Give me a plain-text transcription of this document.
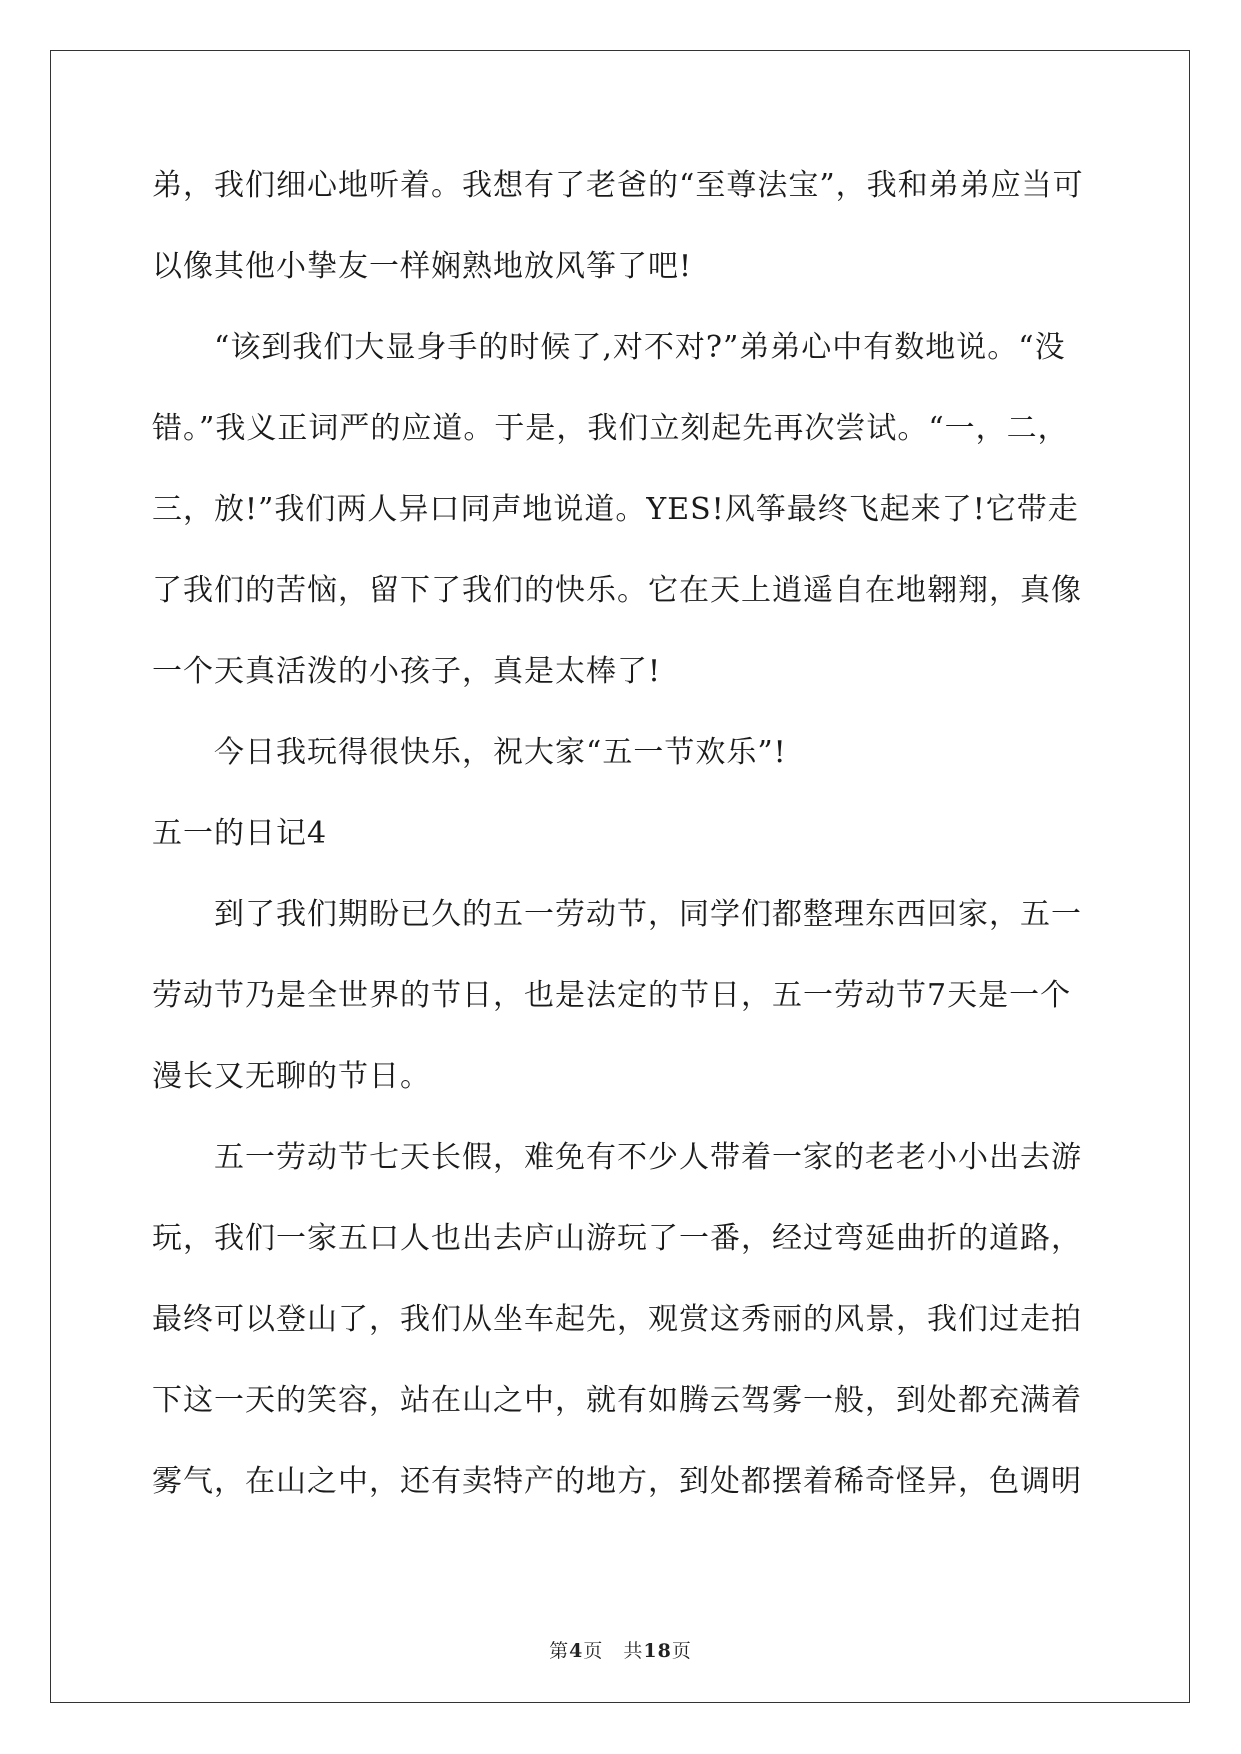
弟，我们细心地听着。我想有了老爸的“至尊法宝”，我和弟弟应当可
以像其他小挚友一样娴熟地放风筝了吧!
“该到我们大显身手的时候了,对不对?”弟弟心中有数地说。“没
错。”我义正词严的应道。于是，我们立刻起先再次尝试。“一，二，
三，放!”我们两人异口同声地说道。YES!风筝最终飞起来了!它带走
了我们的苦恼，留下了我们的快乐。它在天上逍遥自在地翱翔，真像
一个天真活泼的小孩子，真是太棒了!
今日我玩得很快乐，祝大家“五一节欢乐”!
五一的日记4
到了我们期盼已久的五一劳动节，同学们都整理东西回家，五一
劳动节乃是全世界的节日，也是法定的节日，五一劳动节7天是一个
漫长又无聊的节日。
五一劳动节七天长假，难免有不少人带着一家的老老小小出去游
玩，我们一家五口人也出去庐山游玩了一番，经过弯延曲折的道路，
最终可以登山了，我们从坐车起先，观赏这秀丽的风景，我们过走拍
下这一天的笑容，站在山之中，就有如腾云驾雾一般，到处都充满着
雾气，在山之中，还有卖特产的地方，到处都摆着稀奇怪异，色调明
第4页　共18页
